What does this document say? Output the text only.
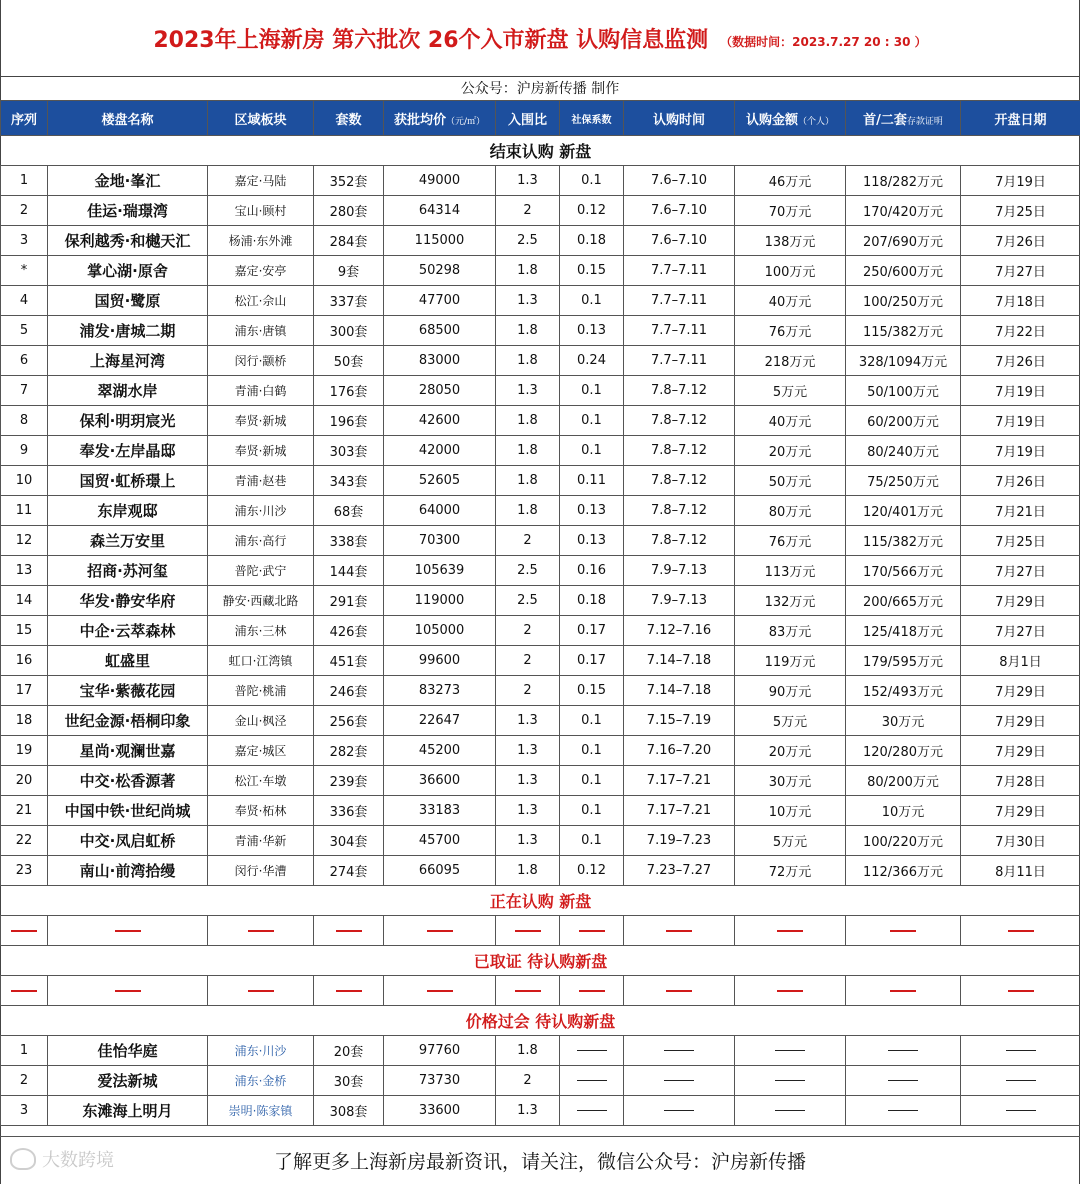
2023年上海新房 第六批次 26个入市新盘 认购信息监测 （数据时间：2023.7.27 20 : 30 ）
公众号：沪房新传播 制作
序列	楼盘名称	区域板块	套数	获批均价（元/㎡）	入围比	社保系数	认购时间	认购金额（个人）	首/二套存款证明	开盘日期
结束认购 新盘										
1	金地·峯汇	嘉定·马陆	352套	49000	1.3	0.1	7.6–7.10	46万元	118/282万元	7月19日
2	佳运·瑞璟湾	宝山·顾村	280套	64314	2	0.12	7.6–7.10	70万元	170/420万元	7月25日
3	保利越秀·和樾天汇	杨浦·东外滩	284套	115000	2.5	0.18	7.6–7.10	138万元	207/690万元	7月26日
*	掌心湖·原舍	嘉定·安亭	9套	50298	1.8	0.15	7.7–7.11	100万元	250/600万元	7月27日
4	国贸·鹭原	松江·佘山	337套	47700	1.3	0.1	7.7–7.11	40万元	100/250万元	7月18日
5	浦发·唐城二期	浦东·唐镇	300套	68500	1.8	0.13	7.7–7.11	76万元	115/382万元	7月22日
6	上海星河湾	闵行·颛桥	50套	83000	1.8	0.24	7.7–7.11	218万元	328/1094万元	7月26日
7	翠湖水岸	青浦·白鹤	176套	28050	1.3	0.1	7.8–7.12	5万元	50/100万元	7月19日
8	保利·明玥宸光	奉贤·新城	196套	42600	1.8	0.1	7.8–7.12	40万元	60/200万元	7月19日
9	奉发·左岸晶邸	奉贤·新城	303套	42000	1.8	0.1	7.8–7.12	20万元	80/240万元	7月19日
10	国贸·虹桥璟上	青浦·赵巷	343套	52605	1.8	0.11	7.8–7.12	50万元	75/250万元	7月26日
11	东岸观邸	浦东·川沙	68套	64000	1.8	0.13	7.8–7.12	80万元	120/401万元	7月21日
12	森兰万安里	浦东·高行	338套	70300	2	0.13	7.8–7.12	76万元	115/382万元	7月25日
13	招商·苏河玺	普陀·武宁	144套	105639	2.5	0.16	7.9–7.13	113万元	170/566万元	7月27日
14	华发·静安华府	静安·西藏北路	291套	119000	2.5	0.18	7.9–7.13	132万元	200/665万元	7月29日
15	中企·云萃森林	浦东·三林	426套	105000	2	0.17	7.12–7.16	83万元	125/418万元	7月27日
16	虹盛里	虹口·江湾镇	451套	99600	2	0.17	7.14–7.18	119万元	179/595万元	8月1日
17	宝华·紫薇花园	普陀·桃浦	246套	83273	2	0.15	7.14–7.18	90万元	152/493万元	7月29日
18	世纪金源·梧桐印象	金山·枫泾	256套	22647	1.3	0.1	7.15–7.19	5万元	30万元	7月29日
19	星尚·观澜世嘉	嘉定·城区	282套	45200	1.3	0.1	7.16–7.20	20万元	120/280万元	7月29日
20	中交·松香源著	松江·车墩	239套	36600	1.3	0.1	7.17–7.21	30万元	80/200万元	7月28日
21	中国中铁·世纪尚城	奉贤·柘林	336套	33183	1.3	0.1	7.17–7.21	10万元	10万元	7月29日
22	中交·凤启虹桥	青浦·华新	304套	45700	1.3	0.1	7.19–7.23	5万元	100/220万元	7月30日
23	南山·前湾拾缦	闵行·华漕	274套	66095	1.8	0.12	7.23–7.27	72万元	112/366万元	8月11日
正在认购 新盘										

已取证 待认购新盘										

价格过会 待认购新盘										
1	佳怡华庭	浦东·川沙	20套	97760	1.8					
2	爱法新城	浦东·金桥	30套	73730	2					
3	东滩海上明月	崇明·陈家镇	308套	33600	1.3					
了解更多上海新房最新资讯，请关注，微信公众号：沪房新传播
大数跨境
